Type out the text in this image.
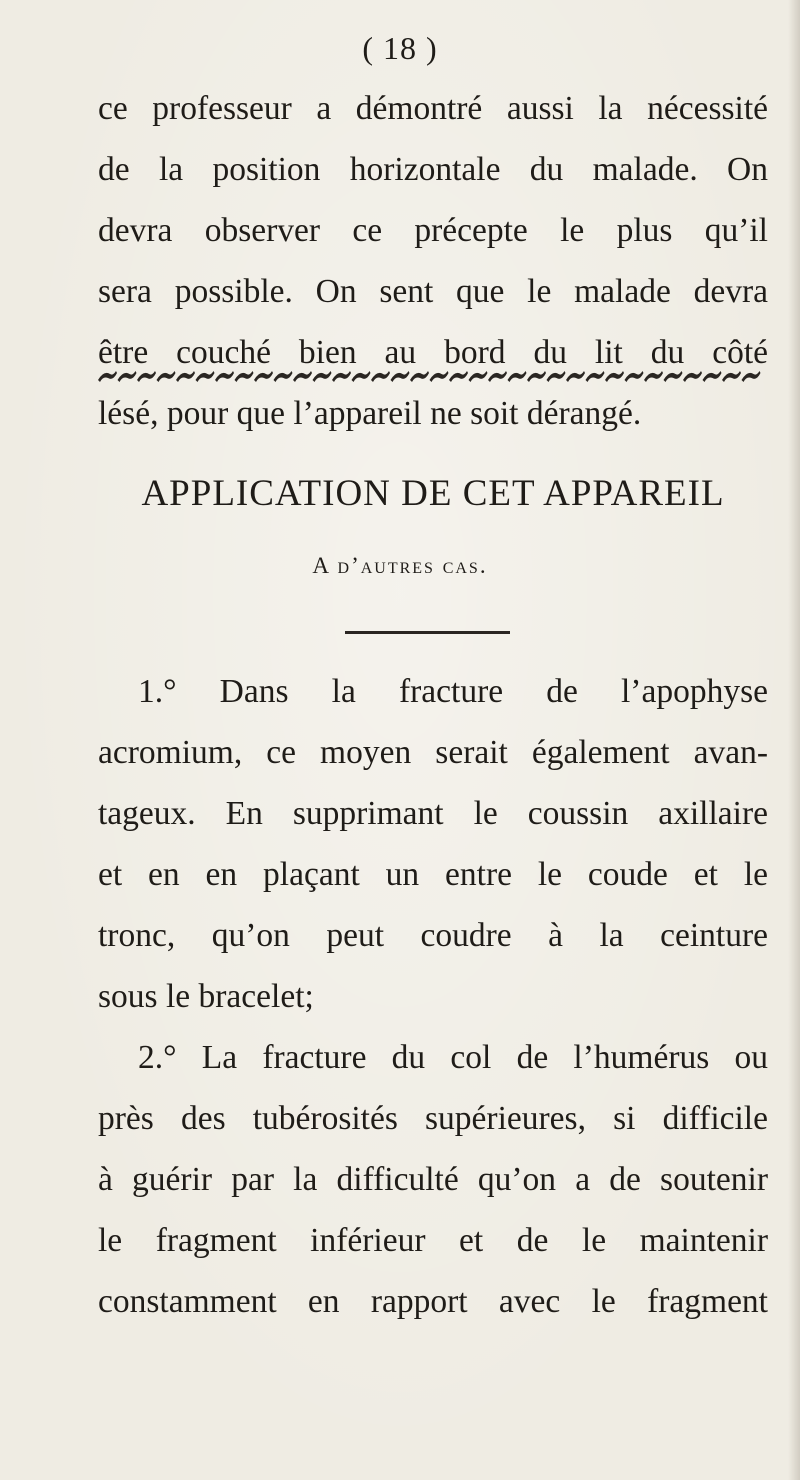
( 18 )
ce professeur a démontré aussi la nécessité
de la position horizontale du malade. On
devra observer ce précepte le plus qu’il
sera possible. On sent que le malade devra
être couché bien au bord du lit du côté
lésé, pour que l’appareil ne soit dérangé.
APPLICATION DE CET APPAREIL
A d’autres cas.
1.° Dans la fracture de l’apophyse
acromium, ce moyen serait également avan-
tageux. En supprimant le coussin axillaire
et en en plaçant un entre le coude et le
tronc, qu’on peut coudre à la ceinture
sous le bracelet;
2.° La fracture du col de l’humérus ou
près des tubérosités supérieures, si difficile
à guérir par la difficulté qu’on a de soutenir
le fragment inférieur et de le maintenir
constamment en rapport avec le fragment
